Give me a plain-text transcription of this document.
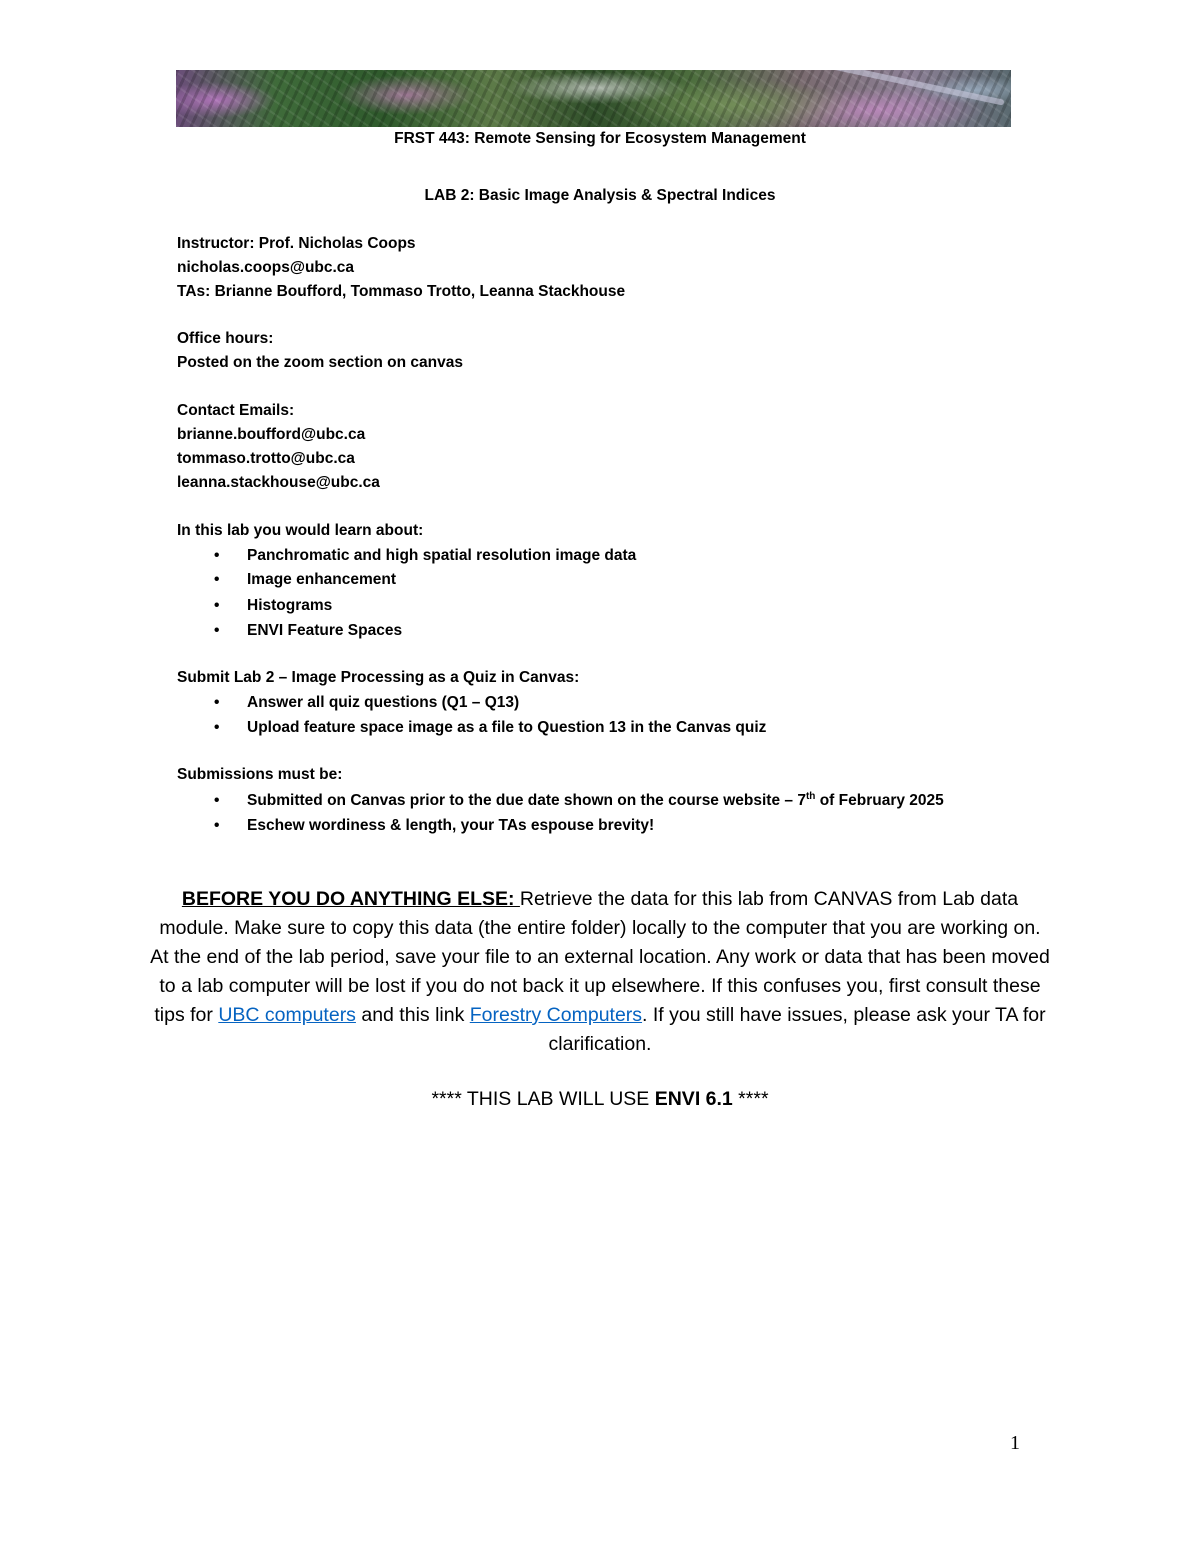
FRST 443: Remote Sensing for Ecosystem Management
LAB 2: Basic Image Analysis & Spectral Indices
Instructor: Prof. Nicholas Coops
nicholas.coops@ubc.ca
TAs: Brianne Boufford, Tommaso Trotto, Leanna Stackhouse
Office hours:
Posted on the zoom section on canvas
Contact Emails:
brianne.boufford@ubc.ca
tommaso.trotto@ubc.ca
leanna.stackhouse@ubc.ca
In this lab you would learn about:
• Panchromatic and high spatial resolution image data
• Image enhancement
• Histograms
• ENVI Feature Spaces
Submit Lab 2 – Image Processing as a Quiz in Canvas:
• Answer all quiz questions (Q1 – Q13)
• Upload feature space image as a file to Question 13 in the Canvas quiz
Submissions must be:
• Submitted on Canvas prior to the due date shown on the course website – 7th of February 2025
• Eschew wordiness & length, your TAs espouse brevity!
BEFORE YOU DO ANYTHING ELSE: Retrieve the data for this lab from CANVAS from Lab data module. Make sure to copy this data (the entire folder) locally to the computer that you are working on. At the end of the lab period, save your file to an external location. Any work or data that has been moved to a lab computer will be lost if you do not back it up elsewhere. If this confuses you, first consult these tips for UBC computers and this link Forestry Computers. If you still have issues, please ask your TA for clarification.
**** THIS LAB WILL USE ENVI 6.1 ****
1
